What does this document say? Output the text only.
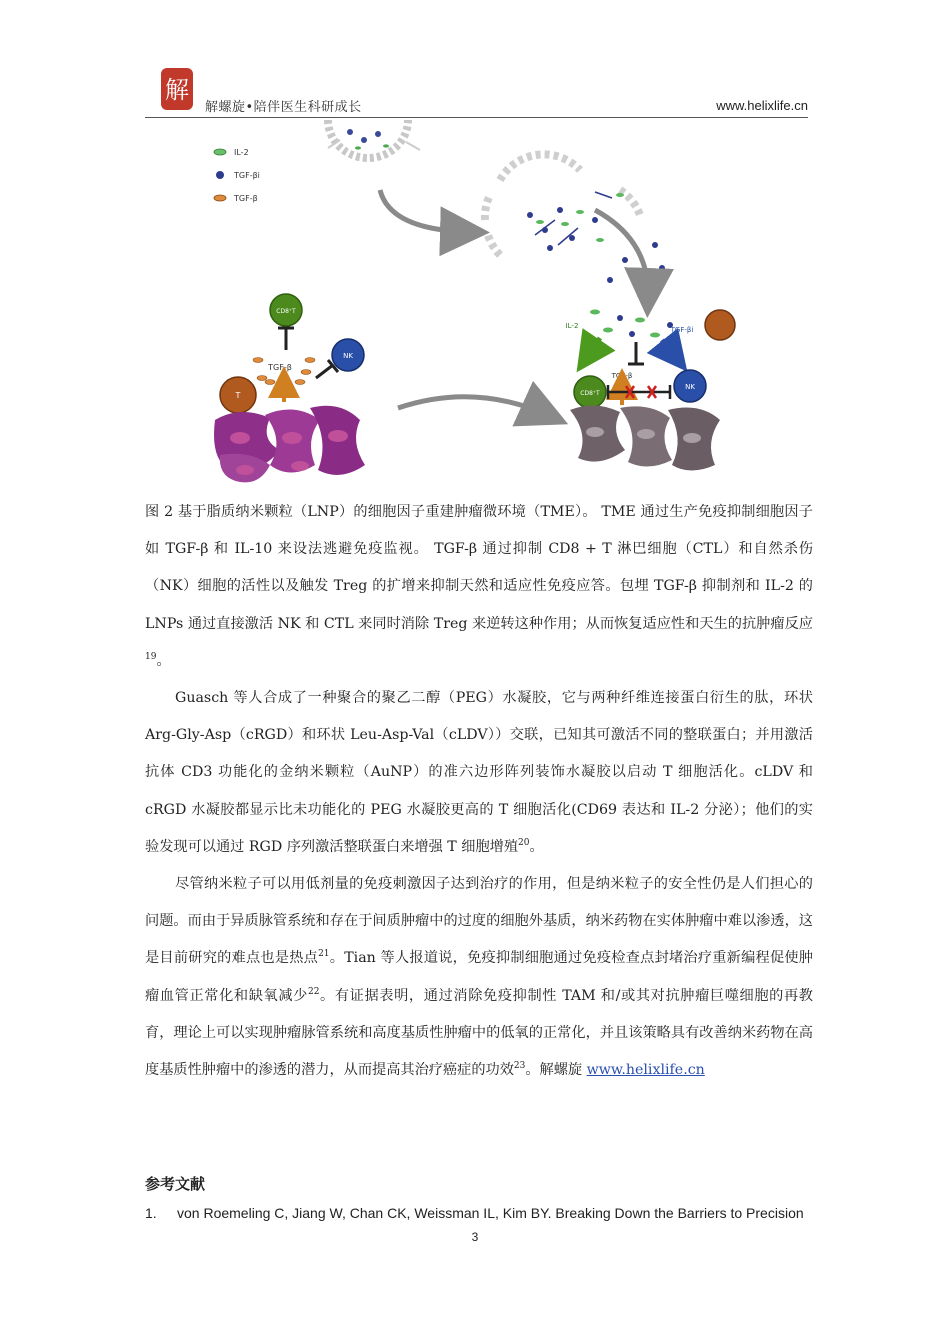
解
解螺旋•陪伴医生科研成长	www.helixlife.cn
IL-2
TGF-βi
TGF-β
CD8⁺T
NK
T
TGF-β
IL-2	TGF-βi
TGF-β
CD8⁺T
NK

图 2 基于脂质纳米颗粒（LNP）的细胞因子重建肿瘤微环境（TME）。 TME 通过生产免疫抑制细胞因子如 TGF-β 和 IL-10 来设法逃避免疫监视。 TGF-β 通过抑制 CD8 + T 淋巴细胞（CTL）和自然杀伤（NK）细胞的活性以及触发 Treg 的扩增来抑制天然和适应性免疫应答。包埋 TGF-β 抑制剂和 IL-2 的 LNPs 通过直接激活 NK 和 CTL 来同时消除 Treg 来逆转这种作用；从而恢复适应性和天生的抗肿瘤反应$^{19}$。

Guasch 等人合成了一种聚合的聚乙二醇（PEG）水凝胶，它与两种纤维连接蛋白衍生的肽，环状 Arg-Gly-Asp（cRGD）和环状 Leu-Asp-Val（cLDV））交联，已知其可激活不同的整联蛋白；并用激活抗体 CD3 功能化的金纳米颗粒（AuNP）的准六边形阵列装饰水凝胶以启动 T 细胞活化。cLDV 和 cRGD 水凝胶都显示比未功能化的 PEG 水凝胶更高的 T 细胞活化(CD69 表达和 IL-2 分泌）；他们的实验发现可以通过 RGD 序列激活整联蛋白来增强 T 细胞增殖$^{20}$。

尽管纳米粒子可以用低剂量的免疫刺激因子达到治疗的作用，但是纳米粒子的安全性仍是人们担心的问题。而由于异质脉管系统和存在于间质肿瘤中的过度的细胞外基质，纳米药物在实体肿瘤中难以渗透，这是目前研究的难点也是热点$^{21}$。Tian 等人报道说，免疫抑制细胞通过免疫检查点封堵治疗重新编程促使肿瘤血管正常化和缺氧减少$^{22}$。有证据表明，通过消除免疫抑制性 TAM 和/或其对抗肿瘤巨噬细胞的再教育，理论上可以实现肿瘤脉管系统和高度基质性肿瘤中的低氧的正常化，并且该策略具有改善纳米药物在高度基质性肿瘤中的渗透的潜力，从而提高其治疗癌症的功效$^{23}$。解螺旋 www.helixlife.cn

参考文献
1. von Roemeling C, Jiang W, Chan CK, Weissman IL, Kim BY. Breaking Down the Barriers to Precision
3
